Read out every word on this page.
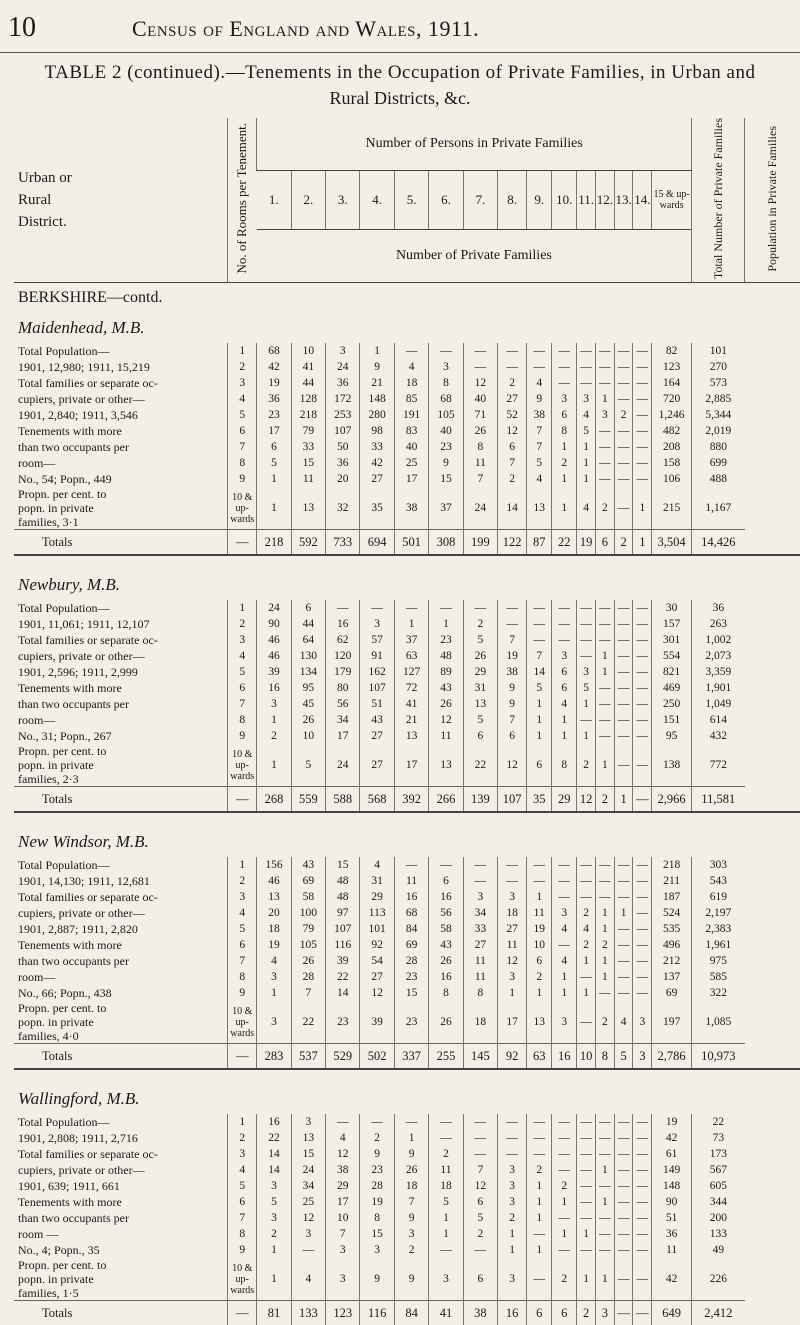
10	Census of England and Wales, 1911.
TABLE 2 (continued).—Tenements in the Occupation of Private Families, in Urban and
Rural Districts, &c.
Urban or
Rural
District.	No. of Rooms per Tenement.	Number of Persons in Private Families															Total Number of Private Families	Population in Private Families
		1.	2.	3.	4.	5.	6.	7.	8.	9.	10.	11.	12.	13.	14.	15 & up-wards		
		Number of Private Families																
BERKSHIRE—contd.																		
Maidenhead, M.B.																		
Total Population—	1	68	10	3	1	—	—	—	—	—	—	—	—	—	—	82	101	
1901, 12,980; 1911, 15,219	2	42	41	24	9	4	3	—	—	—	—	—	—	—	—	123	270	
Total families or separate oc-	3	19	44	36	21	18	8	12	2	4	—	—	—	—	—	164	573	
cupiers, private or other—	4	36	128	172	148	85	68	40	27	9	3	3	1	—	—	720	2,885	
1901, 2,840; 1911, 3,546	5	23	218	253	280	191	105	71	52	38	6	4	3	2	—	1,246	5,344	
Tenements with more	6	17	79	107	98	83	40	26	12	7	8	5	—	—	—	482	2,019	
than two occupants per	7	6	33	50	33	40	23	8	6	7	1	1	—	—	—	208	880	
room—	8	5	15	36	42	25	9	11	7	5	2	1	—	—	—	158	699	
No., 54; Popn., 449	9	1	11	20	27	17	15	7	2	4	1	1	—	—	—	106	488	

Propn. per cent. to
popn. in private
families, 3·1	10 & up-wards	1	13	32	35	38	37	24	14	13	1	4	2	—	1	215	1,167	
Totals	—	218	592	733	694	501	308	199	122	87	22	19	6	2	1	3,504	14,426	

Newbury, M.B.																		
Total Population—	1	24	6	—	—	—	—	—	—	—	—	—	—	—	—	30	36	
1901, 11,061; 1911, 12,107	2	90	44	16	3	1	1	2	—	—	—	—	—	—	—	157	263	
Total families or separate oc-	3	46	64	62	57	37	23	5	7	—	—	—	—	—	—	301	1,002	
cupiers, private or other—	4	46	130	120	91	63	48	26	19	7	3	—	1	—	—	554	2,073	
1901, 2,596; 1911, 2,999	5	39	134	179	162	127	89	29	38	14	6	3	1	—	—	821	3,359	
Tenements with more	6	16	95	80	107	72	43	31	9	5	6	5	—	—	—	469	1,901	
than two occupants per	7	3	45	56	51	41	26	13	9	1	4	1	—	—	—	250	1,049	
room—	8	1	26	34	43	21	12	5	7	1	1	—	—	—	—	151	614	
No., 31; Popn., 267	9	2	10	17	27	13	11	6	6	1	1	1	—	—	—	95	432	

Propn. per cent. to
popn. in private
families, 2·3	10 & up-wards	1	5	24	27	17	13	22	12	6	8	2	1	—	—	138	772	
Totals	—	268	559	588	568	392	266	139	107	35	29	12	2	1	—	2,966	11,581	

New Windsor, M.B.																		
Total Population—	1	156	43	15	4	—	—	—	—	—	—	—	—	—	—	218	303	
1901, 14,130; 1911, 12,681	2	46	69	48	31	11	6	—	—	—	—	—	—	—	—	211	543	
Total families or separate oc-	3	13	58	48	29	16	16	3	3	1	—	—	—	—	—	187	619	
cupiers, private or other—	4	20	100	97	113	68	56	34	18	11	3	2	1	1	—	524	2,197	
1901, 2,887; 1911, 2,820	5	18	79	107	101	84	58	33	27	19	4	4	1	—	—	535	2,383	
Tenements with more	6	19	105	116	92	69	43	27	11	10	—	2	2	—	—	496	1,961	
than two occupants per	7	4	26	39	54	28	26	11	12	6	4	1	1	—	—	212	975	
room—	8	3	28	22	27	23	16	11	3	2	1	—	1	—	—	137	585	
No., 66; Popn., 438	9	1	7	14	12	15	8	8	1	1	1	1	—	—	—	69	322	

Propn. per cent. to
popn. in private
families, 4·0	10 & up-wards	3	22	23	39	23	26	18	17	13	3	—	2	4	3	197	1,085	
Totals	—	283	537	529	502	337	255	145	92	63	16	10	8	5	3	2,786	10,973	

Wallingford, M.B.																		
Total Population—	1	16	3	—	—	—	—	—	—	—	—	—	—	—	—	19	22	
1901, 2,808; 1911, 2,716	2	22	13	4	2	1	—	—	—	—	—	—	—	—	—	42	73	
Total families or separate oc-	3	14	15	12	9	9	2	—	—	—	—	—	—	—	—	61	173	
cupiers, private or other—	4	14	24	38	23	26	11	7	3	2	—	—	1	—	—	149	567	
1901, 639; 1911, 661	5	3	34	29	28	18	18	12	3	1	2	—	—	—	—	148	605	
Tenements with more	6	5	25	17	19	7	5	6	3	1	1	—	1	—	—	90	344	
than two occupants per	7	3	12	10	8	9	1	5	2	1	—	—	—	—	—	51	200	
room —	8	2	3	7	15	3	1	2	1	—	1	1	—	—	—	36	133	
No., 4; Popn., 35	9	1	—	3	3	2	—	—	1	1	—	—	—	—	—	11	49	

Propn. per cent. to
popn. in private
families, 1·5	10 & up-wards	1	4	3	9	9	3	6	3	—	2	1	1	—	—	42	226	
Totals	—	81	133	123	116	84	41	38	16	6	6	2	3	—	—	649	2,412	
